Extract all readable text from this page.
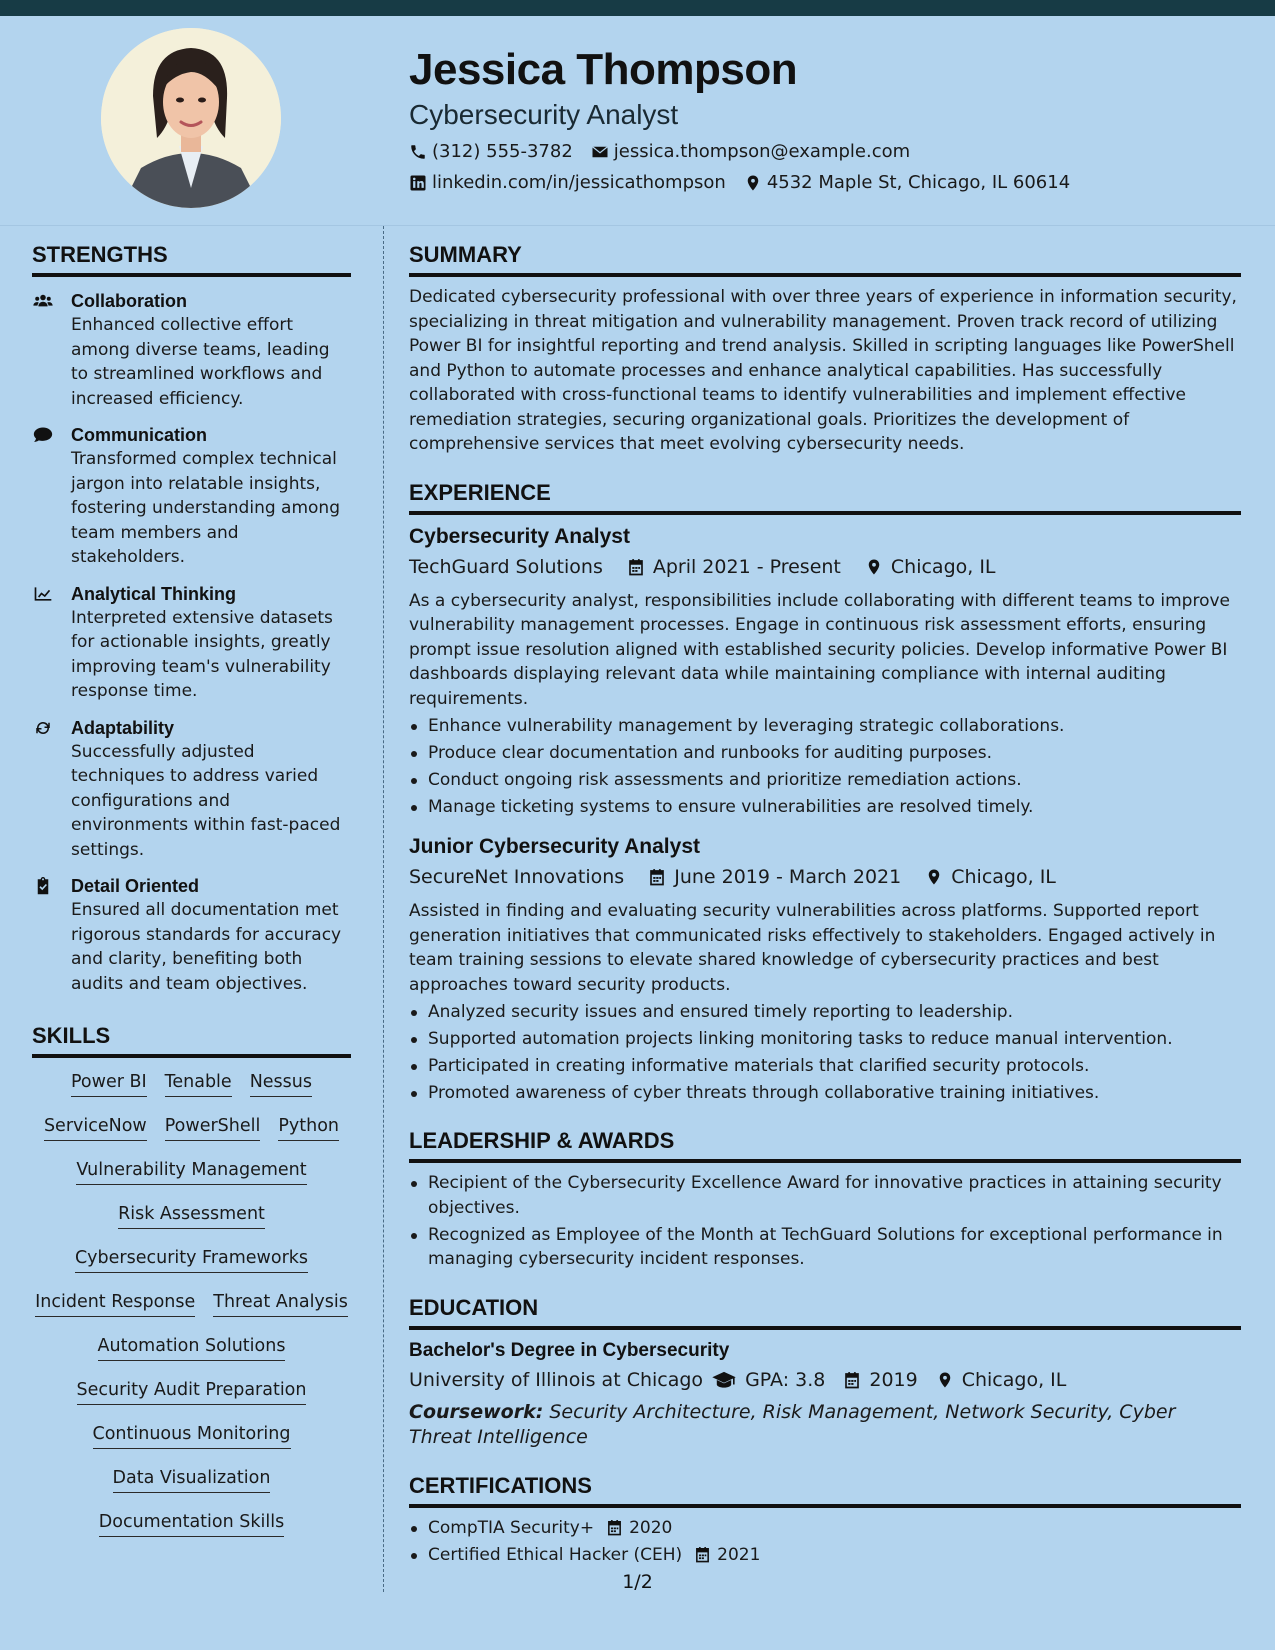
Jessica Thompson
Cybersecurity Analyst
(312) 555-3782 jessica.thompson@example.com
linkedin.com/in/jessicathompson 4532 Maple St, Chicago, IL 60614
STRENGTHS
Collaboration
Enhanced collective effort among diverse teams, leading to streamlined workflows and increased efficiency.
Communication
Transformed complex technical jargon into relatable insights, fostering understanding among team members and stakeholders.
Analytical Thinking
Interpreted extensive datasets for actionable insights, greatly improving team's vulnerability response time.
Adaptability
Successfully adjusted techniques to address varied configurations and environments within fast-paced settings.
Detail Oriented
Ensured all documentation met rigorous standards for accuracy and clarity, benefiting both audits and team objectives.
SKILLS
Power BI Tenable Nessus
ServiceNow PowerShell Python
Vulnerability Management
Risk Assessment
Cybersecurity Frameworks
Incident Response Threat Analysis
Automation Solutions
Security Audit Preparation
Continuous Monitoring
Data Visualization
Documentation Skills
SUMMARY
Dedicated cybersecurity professional with over three years of experience in information security, specializing in threat mitigation and vulnerability management. Proven track record of utilizing Power BI for insightful reporting and trend analysis. Skilled in scripting languages like PowerShell and Python to automate processes and enhance analytical capabilities. Has successfully collaborated with cross-functional teams to identify vulnerabilities and implement effective remediation strategies, securing organizational goals. Prioritizes the development of comprehensive services that meet evolving cybersecurity needs.
EXPERIENCE
Cybersecurity Analyst
TechGuard Solutions	April 2021 - Present	Chicago, IL
As a cybersecurity analyst, responsibilities include collaborating with different teams to improve vulnerability management processes. Engage in continuous risk assessment efforts, ensuring prompt issue resolution aligned with established security policies. Develop informative Power BI dashboards displaying relevant data while maintaining compliance with internal auditing requirements.
Enhance vulnerability management by leveraging strategic collaborations.
Produce clear documentation and runbooks for auditing purposes.
Conduct ongoing risk assessments and prioritize remediation actions.
Manage ticketing systems to ensure vulnerabilities are resolved timely.
Junior Cybersecurity Analyst
SecureNet Innovations	June 2019 - March 2021	Chicago, IL
Assisted in finding and evaluating security vulnerabilities across platforms. Supported report generation initiatives that communicated risks effectively to stakeholders. Engaged actively in team training sessions to elevate shared knowledge of cybersecurity practices and best approaches toward security products.
Analyzed security issues and ensured timely reporting to leadership.
Supported automation projects linking monitoring tasks to reduce manual intervention.
Participated in creating informative materials that clarified security protocols.
Promoted awareness of cyber threats through collaborative training initiatives.
LEADERSHIP & AWARDS
Recipient of the Cybersecurity Excellence Award for innovative practices in attaining security objectives.
Recognized as Employee of the Month at TechGuard Solutions for exceptional performance in managing cybersecurity incident responses.
EDUCATION
Bachelor's Degree in Cybersecurity
University of Illinois at Chicago GPA: 3.8 2019 Chicago, IL
Coursework: Security Architecture, Risk Management, Network Security, Cyber Threat Intelligence
CERTIFICATIONS
CompTIA Security+ 2020
Certified Ethical Hacker (CEH) 2021
1/2
